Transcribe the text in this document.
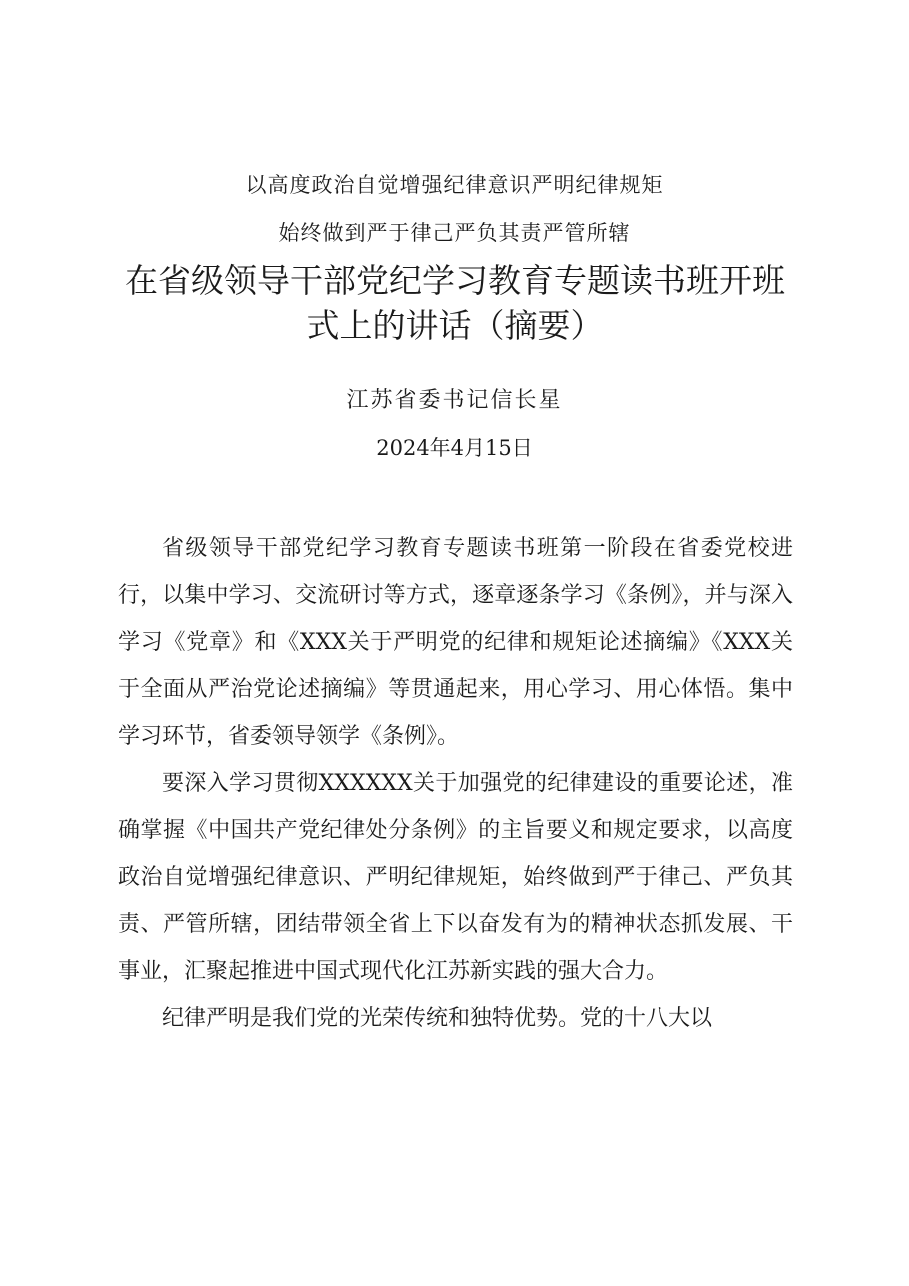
以高度政治自觉增强纪律意识严明纪律规矩
始终做到严于律己严负其责严管所辖
在省级领导干部党纪学习教育专题读书班开班式上的讲话（摘要）
江苏省委书记信长星
2024年4月15日

省级领导干部党纪学习教育专题读书班第一阶段在省委党校进行，以集中学习、交流研讨等方式，逐章逐条学习《条例》，并与深入学习《党章》和《XXX关于严明党的纪律和规矩论述摘编》《XXX关于全面从严治党论述摘编》等贯通起来，用心学习、用心体悟。集中学习环节，省委领导领学《条例》。

要深入学习贯彻XXXXXX关于加强党的纪律建设的重要论述，准确掌握《中国共产党纪律处分条例》的主旨要义和规定要求，以高度政治自觉增强纪律意识、严明纪律规矩，始终做到严于律己、严负其责、严管所辖，团结带领全省上下以奋发有为的精神状态抓发展、干事业，汇聚起推进中国式现代化江苏新实践的强大合力。

纪律严明是我们党的光荣传统和独特优势。党的十八大以
